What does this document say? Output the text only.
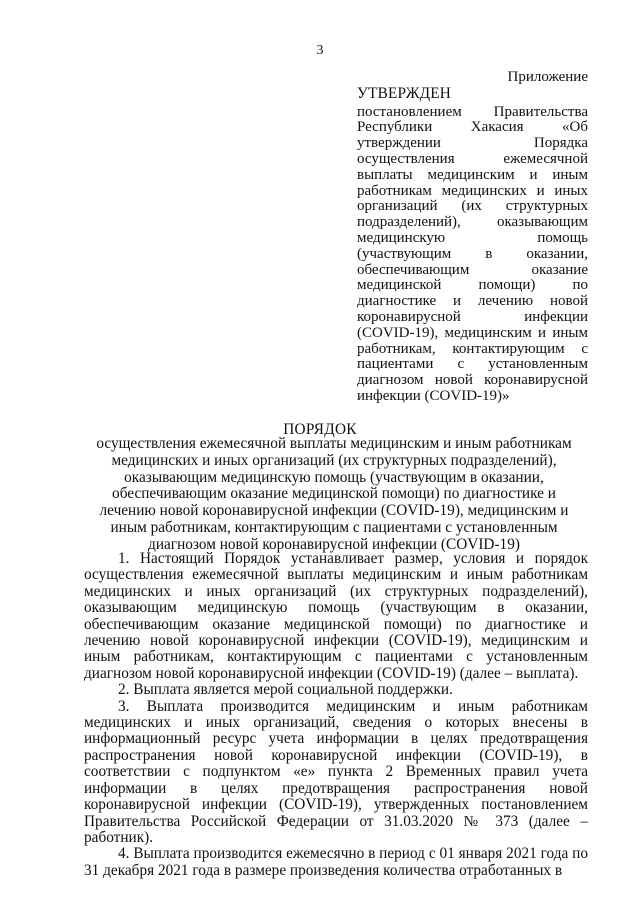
3
Приложение
УТВЕРЖДЕН
постановлением Правительства Республики Хакасия «Об утверждении Порядка осуществления ежемесячной выплаты медицинским и иным работникам медицинских и иных организаций (их структурных подразделений), оказывающим медицинскую помощь (участвующим в оказании, обеспечивающим оказание медицинской помощи) по диагностике и лечению новой коронавирусной инфекции (COVID-19), медицинским и иным работникам, контактирующим с пациентами с установленным диагнозом новой коронавирусной инфекции (COVID-19)»
ПОРЯДОК
осуществления ежемесячной выплаты медицинским и иным работникам медицинских и иных организаций (их структурных подразделений), оказывающим медицинскую помощь (участвующим в оказании, обеспечивающим оказание медицинской помощи) по диагностике и лечению новой коронавирусной инфекции (COVID-19), медицинским и иным работникам, контактирующим с пациентами с установленным диагнозом новой коронавирусной инфекции (COVID-19)

1. Настоящий Порядок устанавливает размер, условия и порядок осуществления ежемесячной выплаты медицинским и иным работникам медицинских и иных организаций (их структурных подразделений), оказывающим медицинскую помощь (участвующим в оказании, обеспечивающим оказание медицинской помощи) по диагностике и лечению новой коронавирусной инфекции (COVID-19), медицинским и иным работникам, контактирующим с пациентами с установленным диагнозом новой коронавирусной инфекции (COVID-19) (далее – выплата).

2. Выплата является мерой социальной поддержки.

3. Выплата производится медицинским и иным работникам медицинских и иных организаций, сведения о которых внесены в информационный ресурс учета информации в целях предотвращения распространения новой коронавирусной инфекции (COVID-19), в соответствии с подпунктом «е» пункта 2 Временных правил учета информации в целях предотвращения распространения новой коронавирусной инфекции (COVID-19), утвержденных постановлением Правительства Российской Федерации от 31.03.2020 № 373 (далее – работник).

4. Выплата производится ежемесячно в период с 01 января 2021 года по 31 декабря 2021 года в размере произведения количества отработанных в
